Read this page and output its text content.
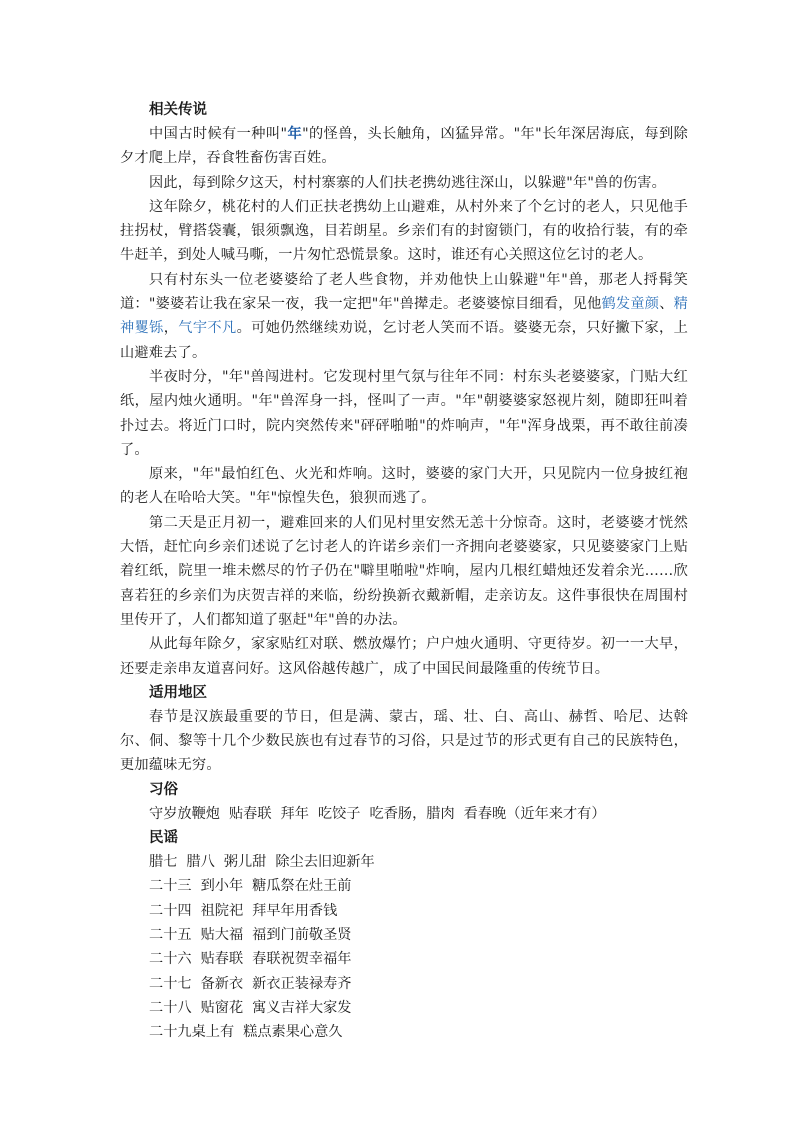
相关传说

中国古时候有一种叫"年"的怪兽，头长触角，凶猛异常。"年"长年深居海底，每到除夕才爬上岸，吞食牲畜伤害百姓。

因此，每到除夕这天，村村寨寨的人们扶老携幼逃往深山，以躲避"年"兽的伤害。

这年除夕，桃花村的人们正扶老携幼上山避难，从村外来了个乞讨的老人，只见他手拄拐杖，臂搭袋囊，银须飘逸，目若朗星。乡亲们有的封窗锁门，有的收拾行装，有的牵牛赶羊，到处人喊马嘶，一片匆忙恐慌景象。这时，谁还有心关照这位乞讨的老人。

只有村东头一位老婆婆给了老人些食物，并劝他快上山躲避"年"兽，那老人捋髯笑道："婆婆若让我在家呆一夜，我一定把"年"兽撵走。老婆婆惊目细看，见他鹤发童颜、精神矍铄，气宇不凡。可她仍然继续劝说，乞讨老人笑而不语。婆婆无奈，只好撇下家，上山避难去了。

半夜时分，"年"兽闯进村。它发现村里气氛与往年不同：村东头老婆婆家，门贴大红纸，屋内烛火通明。"年"兽浑身一抖，怪叫了一声。"年"朝婆婆家怒视片刻，随即狂叫着扑过去。将近门口时，院内突然传来"砰砰啪啪"的炸响声，"年"浑身战栗，再不敢往前凑了。

原来，"年"最怕红色、火光和炸响。这时，婆婆的家门大开，只见院内一位身披红袍的老人在哈哈大笑。"年"惊惶失色，狼狈而逃了。

第二天是正月初一，避难回来的人们见村里安然无恙十分惊奇。这时，老婆婆才恍然大悟，赶忙向乡亲们述说了乞讨老人的许诺乡亲们一齐拥向老婆婆家，只见婆婆家门上贴着红纸，院里一堆未燃尽的竹子仍在"噼里啪啦"炸响，屋内几根红蜡烛还发着余光……欣喜若狂的乡亲们为庆贺吉祥的来临，纷纷换新衣戴新帽，走亲访友。这件事很快在周围村里传开了，人们都知道了驱赶"年"兽的办法。

从此每年除夕，家家贴红对联、燃放爆竹；户户烛火通明、守更待岁。初一一大早，还要走亲串友道喜问好。这风俗越传越广，成了中国民间最隆重的传统节日。

适用地区

春节是汉族最重要的节日，但是满、蒙古，瑶、壮、白、高山、赫哲、哈尼、达斡尔、侗、黎等十几个少数民族也有过春节的习俗，只是过节的形式更有自己的民族特色，更加蕴味无穷。

习俗

守岁放鞭炮  贴春联  拜年  吃饺子  吃香肠，腊肉  看春晚（近年来才有）

民谣

腊七  腊八  粥儿甜  除尘去旧迎新年

二十三  到小年  糖瓜祭在灶王前

二十四  祖院祀  拜早年用香钱

二十五  贴大福  福到门前敬圣贤

二十六  贴春联  春联祝贺幸福年

二十七  备新衣  新衣正装禄寿齐

二十八  贴窗花  寓义吉祥大家发

二十九桌上有  糕点素果心意久
